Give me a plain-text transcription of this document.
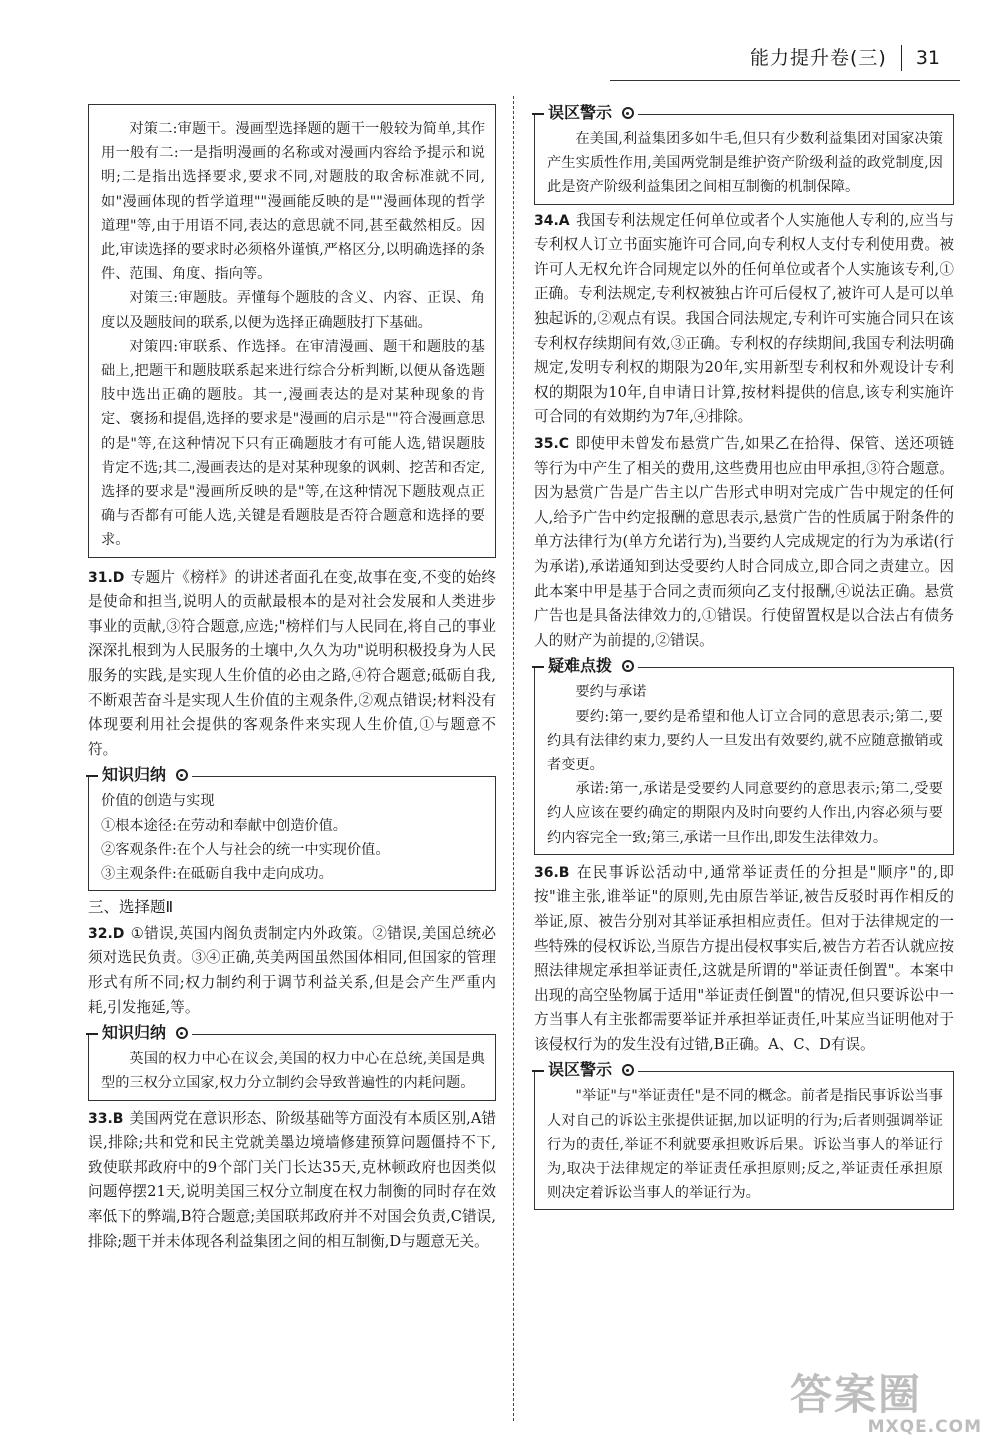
能力提升卷(三) 31

对策二:审题干。漫画型选择题的题干一般较为简单,其作用一般有二:一是指明漫画的名称或对漫画内容给予提示和说明;二是指出选择要求,要求不同,对题肢的取舍标准就不同,如"漫画体现的哲学道理""漫画能反映的是""漫画体现的哲学道理"等,由于用语不同,表达的意思就不同,甚至截然相反。因此,审读选择的要求时必须格外谨慎,严格区分,以明确选择的条件、范围、角度、指向等。

对策三:审题肢。弄懂每个题肢的含义、内容、正误、角度以及题肢间的联系,以便为选择正确题肢打下基础。

对策四:审联系、作选择。在审清漫画、题干和题肢的基础上,把题干和题肢联系起来进行综合分析判断,以便从备选题肢中选出正确的题肢。其一,漫画表达的是对某种现象的肯定、褒扬和提倡,选择的要求是"漫画的启示是""符合漫画意思的是"等,在这种情况下只有正确题肢才有可能人选,错误题肢肯定不选;其二,漫画表达的是对某种现象的讽刺、挖苦和否定,选择的要求是"漫画所反映的是"等,在这种情况下题肢观点正确与否都有可能人选,关键是看题肢是否符合题意和选择的要求。

31.D 专题片《榜样》的讲述者面孔在变,故事在变,不变的始终是使命和担当,说明人的贡献最根本的是对社会发展和人类进步事业的贡献,③符合题意,应选;"榜样们与人民同在,将自己的事业深深扎根到为人民服务的土壤中,久久为功"说明积极投身为人民服务的实践,是实现人生价值的必由之路,④符合题意;砥砺自我,不断艰苦奋斗是实现人生价值的主观条件,②观点错误;材料没有体现要利用社会提供的客观条件来实现人生价值,①与题意不符。

知识归纳

价值的创造与实现

①根本途径:在劳动和奉献中创造价值。

②客观条件:在个人与社会的统一中实现价值。

③主观条件:在砥砺自我中走向成功。

三、选择题Ⅱ

32.D ①错误,英国内阁负责制定内外政策。②错误,美国总统必须对选民负责。③④正确,英美两国虽然国体相同,但国家的管理形式有所不同;权力制约利于调节利益关系,但是会产生严重内耗,引发拖延,等。

知识归纳

英国的权力中心在议会,美国的权力中心在总统,美国是典型的三权分立国家,权力分立制约会导致普遍性的内耗问题。

33.B 美国两党在意识形态、阶级基础等方面没有本质区别,A错误,排除;共和党和民主党就美墨边境墙修建预算问题僵持不下,致使联邦政府中的9个部门关门长达35天,克林顿政府也因类似问题停摆21天,说明美国三权分立制度在权力制衡的同时存在效率低下的弊端,B符合题意;美国联邦政府并不对国会负责,C错误,排除;题干并未体现各利益集团之间的相互制衡,D与题意无关。

误区警示

在美国,利益集团多如牛毛,但只有少数利益集团对国家决策产生实质性作用,美国两党制是维护资产阶级利益的政党制度,因此是资产阶级利益集团之间相互制衡的机制保障。

34.A 我国专利法规定任何单位或者个人实施他人专利的,应当与专利权人订立书面实施许可合同,向专利权人支付专利使用费。被许可人无权允许合同规定以外的任何单位或者个人实施该专利,①正确。专利法规定,专利权被独占许可后侵权了,被许可人是可以单独起诉的,②观点有误。我国合同法规定,专利许可实施合同只在该专利权存续期间有效,③正确。专利权的存续期间,我国专利法明确规定,发明专利权的期限为20年,实用新型专利权和外观设计专利权的期限为10年,自申请日计算,按材料提供的信息,该专利实施许可合同的有效期约为7年,④排除。

35.C 即使甲未曾发布悬赏广告,如果乙在拾得、保管、送还项链等行为中产生了相关的费用,这些费用也应由甲承担,③符合题意。因为悬赏广告是广告主以广告形式申明对完成广告中规定的任何人,给予广告中约定报酬的意思表示,悬赏广告的性质属于附条件的单方法律行为(单方允诺行为),当要约人完成规定的行为为承诺(行为承诺),承诺通知到达受要约人时合同成立,即合同之责建立。因此本案中甲是基于合同之责而须向乙支付报酬,④说法正确。悬赏广告也是具备法律效力的,①错误。行使留置权是以合法占有债务人的财产为前提的,②错误。

疑难点拨

要约与承诺

要约:第一,要约是希望和他人订立合同的意思表示;第二,要约具有法律约束力,要约人一旦发出有效要约,就不应随意撤销或者变更。

承诺:第一,承诺是受要约人同意要约的意思表示;第二,受要约人应该在要约确定的期限内及时向要约人作出,内容必须与要约内容完全一致;第三,承诺一旦作出,即发生法律效力。

36.B 在民事诉讼活动中,通常举证责任的分担是"顺序"的,即按"谁主张,谁举证"的原则,先由原告举证,被告反驳时再作相反的举证,原、被告分别对其举证承担相应责任。但对于法律规定的一些特殊的侵权诉讼,当原告方提出侵权事实后,被告方若否认就应按照法律规定承担举证责任,这就是所谓的"举证责任倒置"。本案中出现的高空坠物属于适用"举证责任倒置"的情况,但只要诉讼中一方当事人有主张都需要举证并承担举证责任,叶某应当证明他对于该侵权行为的发生没有过错,B正确。A、C、D有误。

误区警示

"举证"与"举证责任"是不同的概念。前者是指民事诉讼当事人对自己的诉讼主张提供证据,加以证明的行为;后者则强调举证行为的责任,举证不利就要承担败诉后果。诉讼当事人的举证行为,取决于法律规定的举证责任承担原则;反之,举证责任承担原则决定着诉讼当事人的举证行为。

答案圈
MXQE.COM
